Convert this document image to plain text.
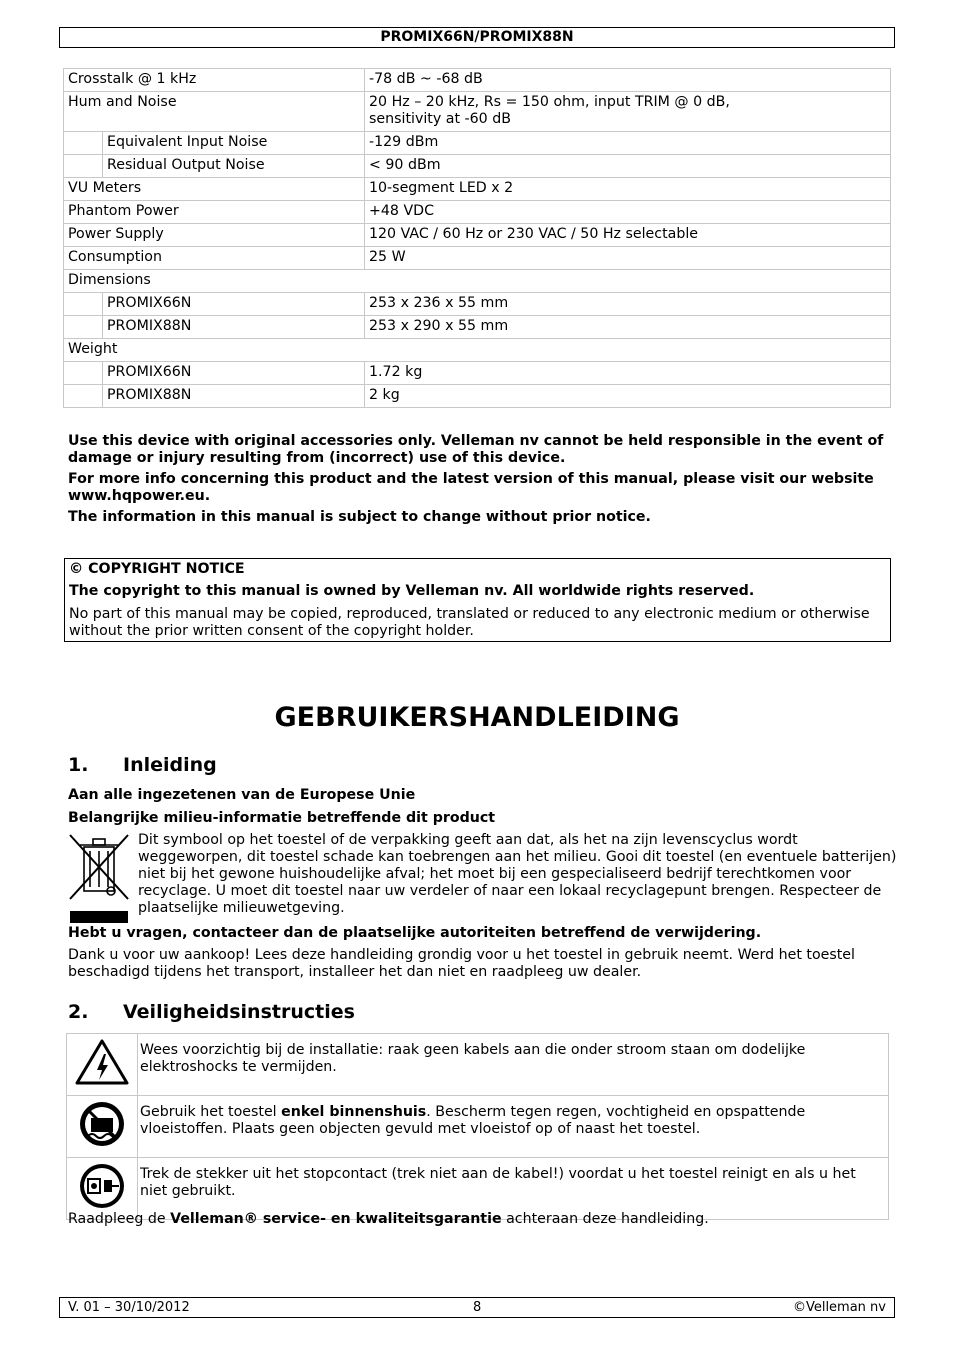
PROMIX66N/PROMIX88N
Crosstalk @ 1 kHz		-78 dB ~ -68 dB
Hum and Noise		20 Hz – 20 kHz, Rs = 150 ohm, input TRIM @ 0 dB,
sensitivity at -60 dB
	Equivalent Input Noise	-129 dBm
	Residual Output Noise	< 90 dBm
VU Meters		10-segment LED x 2
Phantom Power		+48 VDC
Power Supply		120 VAC / 60 Hz or 230 VAC / 50 Hz selectable
Consumption		25 W
Dimensions		
	PROMIX66N	253 x 236 x 55 mm
	PROMIX88N	253 x 290 x 55 mm
Weight		
	PROMIX66N	1.72 kg
	PROMIX88N	2 kg

Use this device with original accessories only. Velleman nv cannot be held responsible in the event of damage or injury resulting from (incorrect) use of this device.

For more info concerning this product and the latest version of this manual, please visit our website www.hqpower.eu.

The information in this manual is subject to change without prior notice.

© COPYRIGHT NOTICE

The copyright to this manual is owned by Velleman nv. All worldwide rights reserved.

No part of this manual may be copied, reproduced, translated or reduced to any electronic medium or otherwise without the prior written consent of the copyright holder.

GEBRUIKERSHANDLEIDING
1. Inleiding
Aan alle ingezetenen van de Europese Unie
Belangrijke milieu-informatie betreffende dit product
Dit symbool op het toestel of de verpakking geeft aan dat, als het na zijn levenscyclus wordt weggeworpen, dit toestel schade kan toebrengen aan het milieu. Gooi dit toestel (en eventuele batterijen) niet bij het gewone huishoudelijke afval; het moet bij een gespecialiseerd bedrijf terechtkomen voor recyclage. U moet dit toestel naar uw verdeler of naar een lokaal recyclagepunt brengen. Respecteer de plaatselijke milieuwetgeving.
Hebt u vragen, contacteer dan de plaatselijke autoriteiten betreffend de verwijdering.
Dank u voor uw aankoop! Lees deze handleiding grondig voor u het toestel in gebruik neemt. Werd het toestel beschadigd tijdens het transport, installeer het dan niet en raadpleeg uw dealer.
2. Veiligheidsinstructies
	Wees voorzichtig bij de installatie: raak geen kabels aan die onder stroom staan om dodelijke elektroshocks te vermijden.
	Gebruik het toestel enkel binnenshuis. Bescherm tegen regen, vochtigheid en opspattende vloeistoffen. Plaats geen objecten gevuld met vloeistof op of naast het toestel.
	Trek de stekker uit het stopcontact (trek niet aan de kabel!) voordat u het toestel reinigt en als u het niet gebruikt.
Raadpleeg de Velleman® service- en kwaliteitsgarantie achteraan deze handleiding.
V. 01 – 30/10/2012	8	©Velleman nv
